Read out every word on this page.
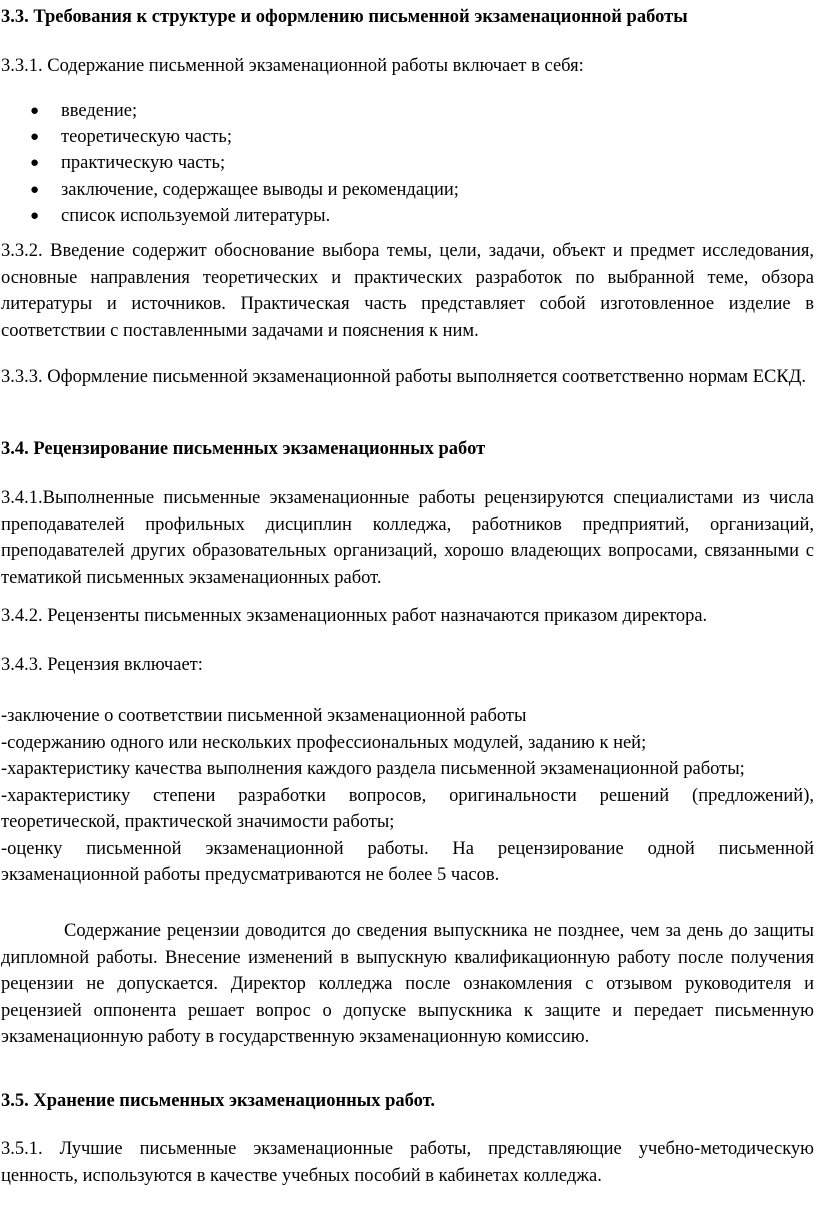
3.3. Требования к структуре и оформлению письменной экзаменационной работы

3.3.1. Содержание письменной экзаменационной работы включает в себя:

● введение;
● теоретическую часть;
● практическую часть;
● заключение, содержащее выводы и рекомендации;
● список используемой литературы.

3.3.2. Введение содержит обоснование выбора темы, цели, задачи, объект и предмет исследования, основные направления теоретических и практических разработок по выбранной теме, обзора литературы и источников. Практическая часть представляет собой изготовленное изделие в соответствии с поставленными задачами и пояснения к ним.

3.3.3. Оформление письменной экзаменационной работы выполняется соответственно нормам ЕСКД.

3.4. Рецензирование письменных экзаменационных работ

3.4.1.Выполненные письменные экзаменационные работы рецензируются специалистами из числа преподавателей профильных дисциплин колледжа, работников предприятий, организаций, преподавателей других образовательных организаций, хорошо владеющих вопросами, связанными с тематикой письменных экзаменационных работ.

3.4.2. Рецензенты письменных экзаменационных работ назначаются приказом директора.

3.4.3. Рецензия включает:

-заключение о соответствии письменной экзаменационной работы
-содержанию одного или нескольких профессиональных модулей, заданию к ней;
-характеристику качества выполнения каждого раздела письменной экзаменационной работы;
-характеристику степени разработки вопросов, оригинальности решений (предложений), теоретической, практической значимости работы;
-оценку письменной экзаменационной работы. На рецензирование одной письменной экзаменационной работы предусматриваются не более 5 часов.

Содержание рецензии доводится до сведения выпускника не позднее, чем за день до защиты дипломной работы. Внесение изменений в выпускную квалификационную работу после получения рецензии не допускается. Директор колледжа после ознакомления с отзывом руководителя и рецензией оппонента решает вопрос о допуске выпускника к защите и передает письменную экзаменационную работу в государственную экзаменационную комиссию.

3.5. Хранение письменных экзаменационных работ.

3.5.1. Лучшие письменные экзаменационные работы, представляющие учебно-методическую ценность, используются в качестве учебных пособий в кабинетах колледжа.
